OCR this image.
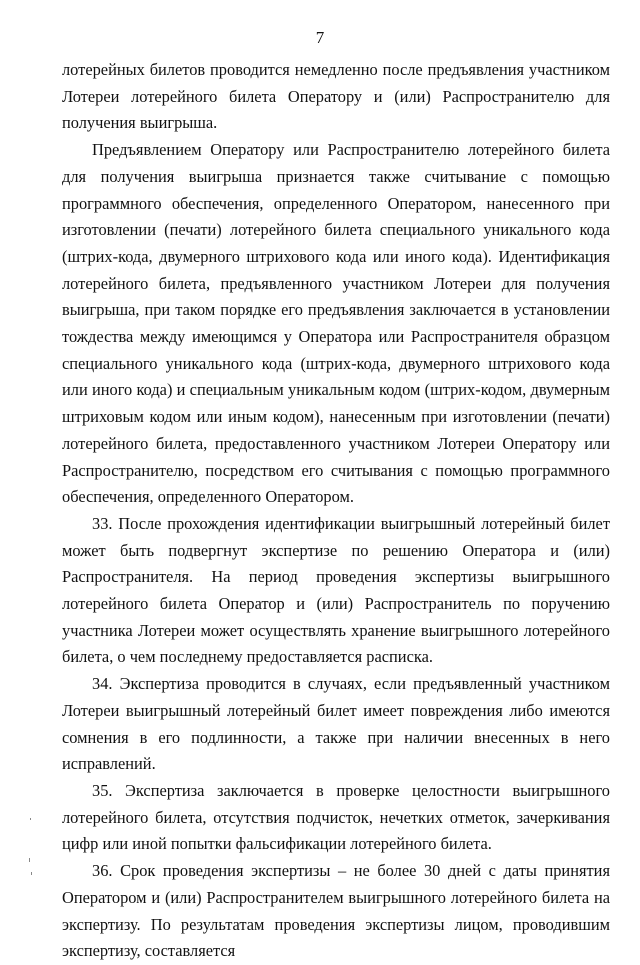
7

лотерейных билетов проводится немедленно после предъявления участником Лотереи лотерейного билета Оператору и (или) Распространителю для получения выигрыша.

Предъявлением Оператору или Распространителю лотерейного билета для получения выигрыша признается также считывание с помощью программного обеспечения, определенного Оператором, нанесенного при изготовлении (печати) лотерейного билета специального уникального кода (штрих-кода, двумерного штрихового кода или иного кода). Идентификация лотерейного билета, предъявленного участником Лотереи для получения выигрыша, при таком порядке его предъявления заключается в установлении тождества между имеющимся у Оператора или Распространителя образцом специального уникального кода (штрих-кода, двумерного штрихового кода или иного кода) и специальным уникальным кодом (штрих-кодом, двумерным штриховым кодом или иным кодом), нанесенным при изготовлении (печати) лотерейного билета, предоставленного участником Лотереи Оператору или Распространителю, посредством его считывания с помощью программного обеспечения, определенного Оператором.

33. После прохождения идентификации выигрышный лотерейный билет может быть подвергнут экспертизе по решению Оператора и (или) Распространителя. На период проведения экспертизы выигрышного лотерейного билета Оператор и (или) Распространитель по поручению участника Лотереи может осуществлять хранение выигрышного лотерейного билета, о чем последнему предоставляется расписка.

34. Экспертиза проводится в случаях, если предъявленный участником Лотереи выигрышный лотерейный билет имеет повреждения либо имеются сомнения в его подлинности, а также при наличии внесенных в него исправлений.

35. Экспертиза заключается в проверке целостности выигрышного лотерейного билета, отсутствия подчисток, нечетких отметок, зачеркивания цифр или иной попытки фальсификации лотерейного билета.

36. Срок проведения экспертизы – не более 30 дней с даты принятия Оператором и (или) Распространителем выигрышного лотерейного билета на экспертизу. По результатам проведения экспертизы лицом, проводившим экспертизу, составляется
